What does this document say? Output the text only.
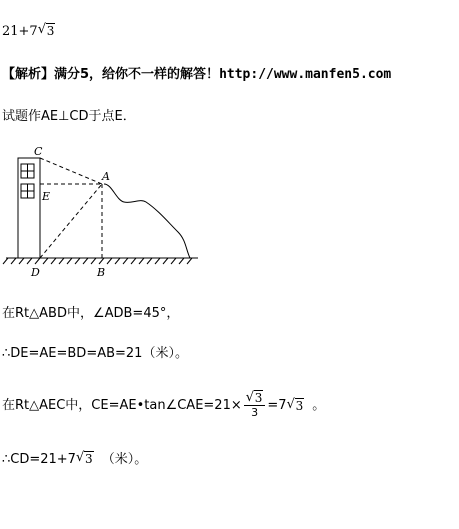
21+7 √ 3
【解析】满分5，给你不一样的解答！http://www.manfen5.com
试题作AE⊥CD于点E．
C
A
E
D	B
在Rt△ABD中，∠ADB=45°，
∴DE=AE=BD=AB=21（米）。
在Rt△AEC中，CE=AE•tan∠CAE=21× √ $\frac{3}{3} =7$ √ 3 。
∴CD=21+7 √ 3 （米）。
